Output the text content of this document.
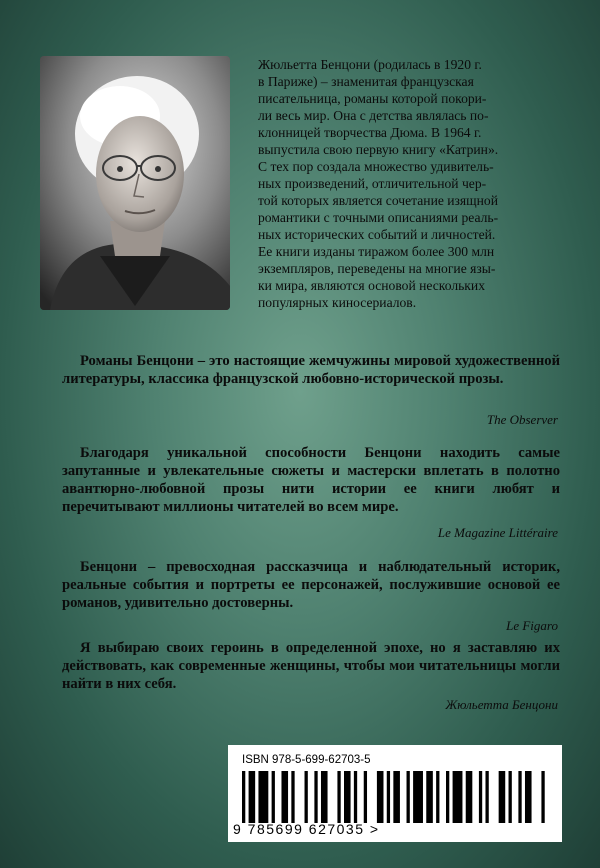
Жюльетта Бенцони (родилась в 1920 г.
в Париже) – знаменитая французская
писательница, романы которой покори-
ли весь мир. Она с детства являлась по-
клонницей творчества Дюма. В 1964 г.
выпустила свою первую книгу «Катрин».
С тех пор создала множество удивитель-
ных произведений, отличительной чер-
той которых является сочетание изящной
романтики с точными описаниями реаль-
ных исторических событий и личностей.
Ее книги изданы тиражом более 300 млн
экземпляров, переведены на многие язы-
ки мира, являются основой нескольких
популярных киносериалов.

Романы Бенцони – это настоящие жемчужины мировой художественной литературы, классика французской любовно-исторической прозы.

The Observer

Благодаря уникальной способности Бенцони находить самые запутанные и увлекательные сюжеты и мастерски вплетать в полотно авантюрно-любовной прозы нити истории ее книги любят и перечитывают миллионы читателей во всем мире.

Le Magazine Littéraire

Бенцони – превосходная рассказчица и наблюдательный историк, реальные события и портреты ее персонажей, послужившие основой ее романов, удивительно достоверны.

Le Figaro

Я выбираю своих героинь в определенной эпохе, но я заставляю их действовать, как современные женщины, чтобы мои читательницы могли найти в них себя.

Жюльетта Бенцони

ISBN 978-5-699-62703-5
9 785699 627035 >
